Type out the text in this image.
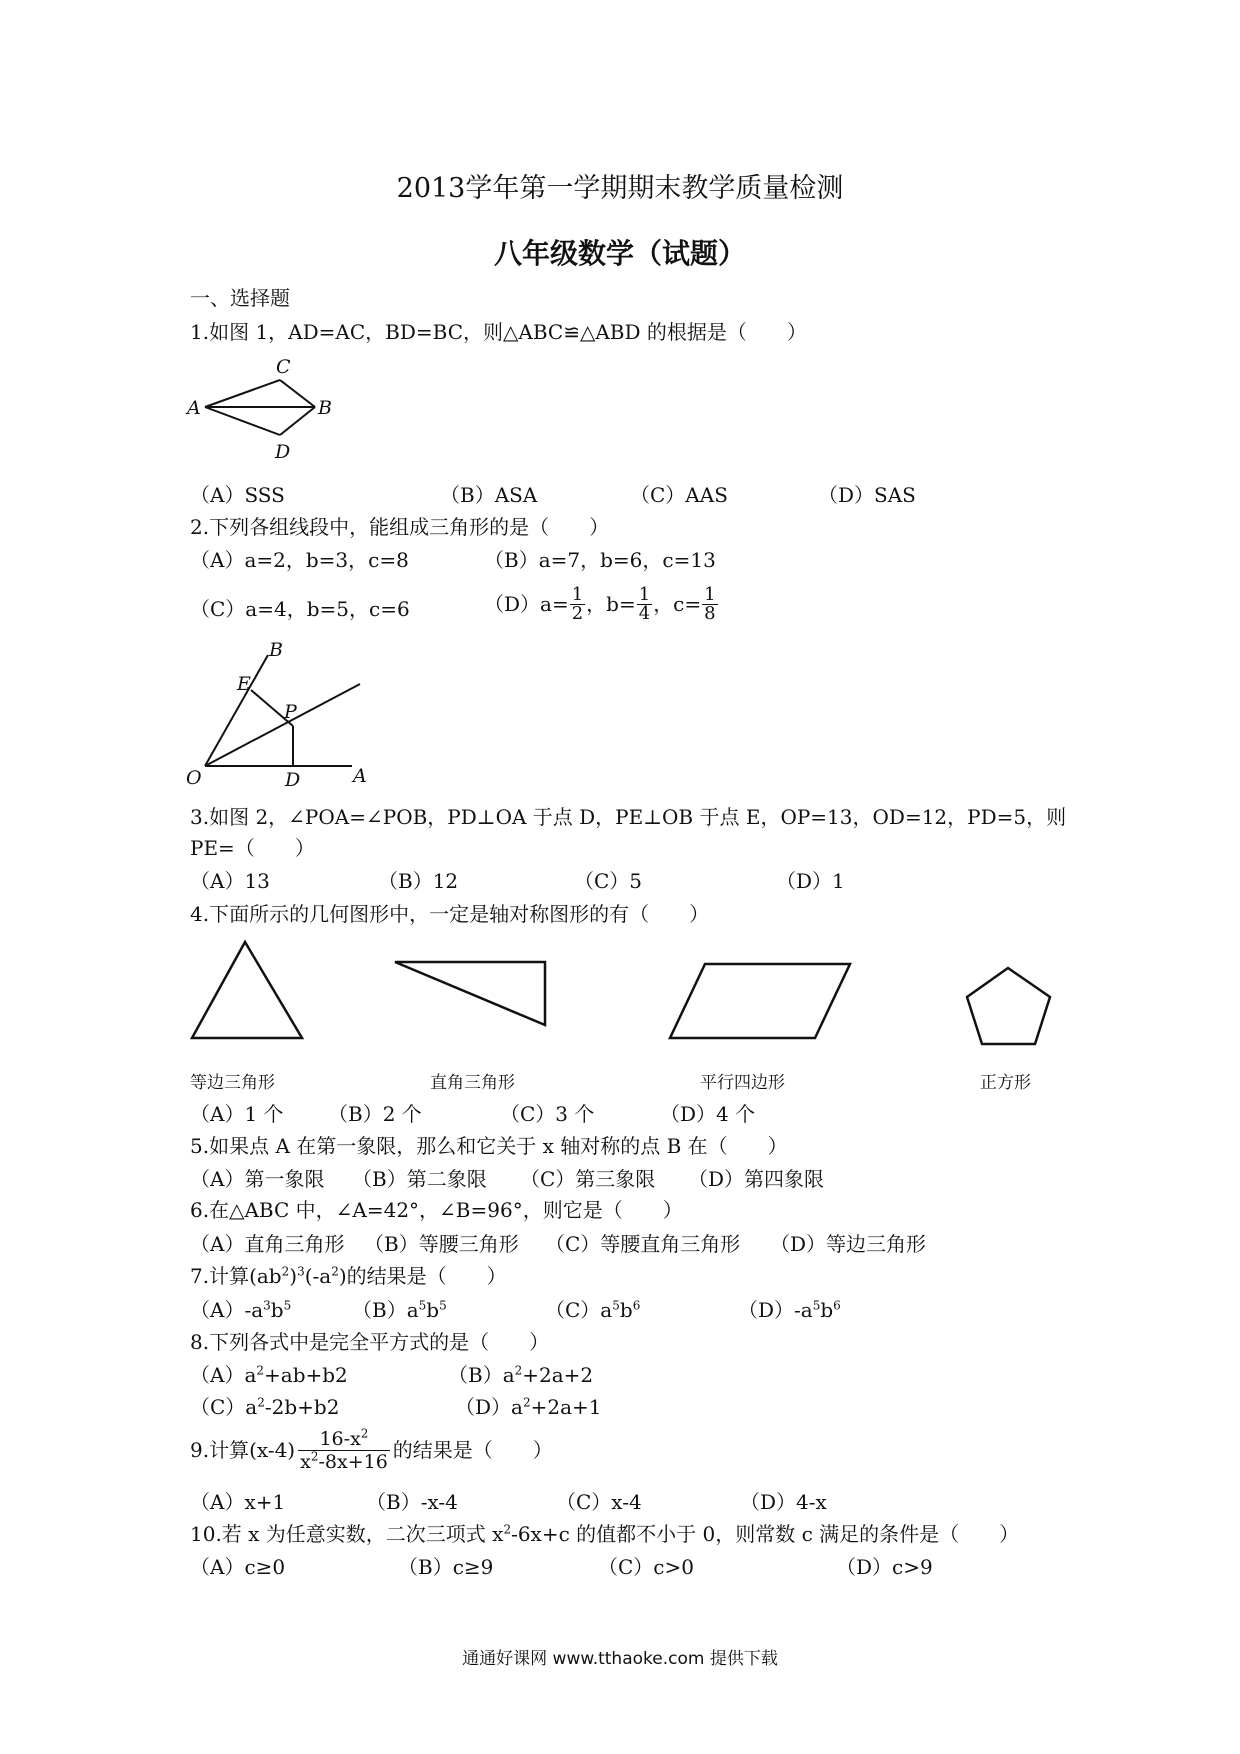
2013学年第一学期期末教学质量检测
八年级数学（试题）
一、选择题
1.如图 1，AD=AC，BD=BC，则△ABC≌△ABD 的根据是（　　）
A
C
B
D
（A）SSS	（B）ASA	（C）AAS	（D）SAS
2.下列各组线段中，能组成三角形的是（　　）
（A）a=2，b=3，c=8	（B）a=7，b=6，c=13
（C）a=4，b=5，c=6	$(D)a= \frac{1}{2}$ ，$b= \frac{1}{4}$ ，$c= \frac{1}{8}$
B
E
P
O	D	A
3.如图 2，∠POA=∠POB，PD⊥OA 于点 D，PE⊥OB 于点 E，OP=13，OD=12，PD=5，则
PE=（　　）
（A）13	（B）12	（C）5	（D）1
4.下面所示的几何图形中，一定是轴对称图形的有（　　）
等边三角形	直角三角形	平行四边形	正方形
（A）1 个 （B）2 个	（C）3 个	（D）4 个
5.如果点 A 在第一象限，那么和它关于 x 轴对称的点 B 在（　　）
（A）第一象限 （B）第二象限 （C）第三象限 （D）第四象限
6.在△ABC 中，∠A=42°，∠B=96°，则它是（　　）
（A）直角三角形 （B）等腰三角形 （C）等腰直角三角形 （D）等边三角形
7.计算$(ab^2)^3(-a^2)$的结果是（　　）
$(A)-a^3b^5$	$(B)a^5b^5$	$(C)a^5b^6$	$(D)-a^5b^6$
8.下列各式中是完全平方式的是（　　）
$(A)a^2+ab+b2$	$(B)a^2+2a+2$
$(C)a^2-2b+b2$	$(D)a^2+2a+1$
9.计算$(x-4) \frac{16-x^2}{x^2-8x+16}$ 的结果是（　　）
（A）x+1	（B）-x-4	（C）x-4	（D）4-x
10.若 x 为任意实数，二次三项式 $x^2-6x+c$ 的值都不小于 0，则常数 c 满足的条件是（　　）
（A）c≥0	（B）c≥9	（C）c>0	（D）c>9
通通好课网 www.tthaoke.com 提供下载
